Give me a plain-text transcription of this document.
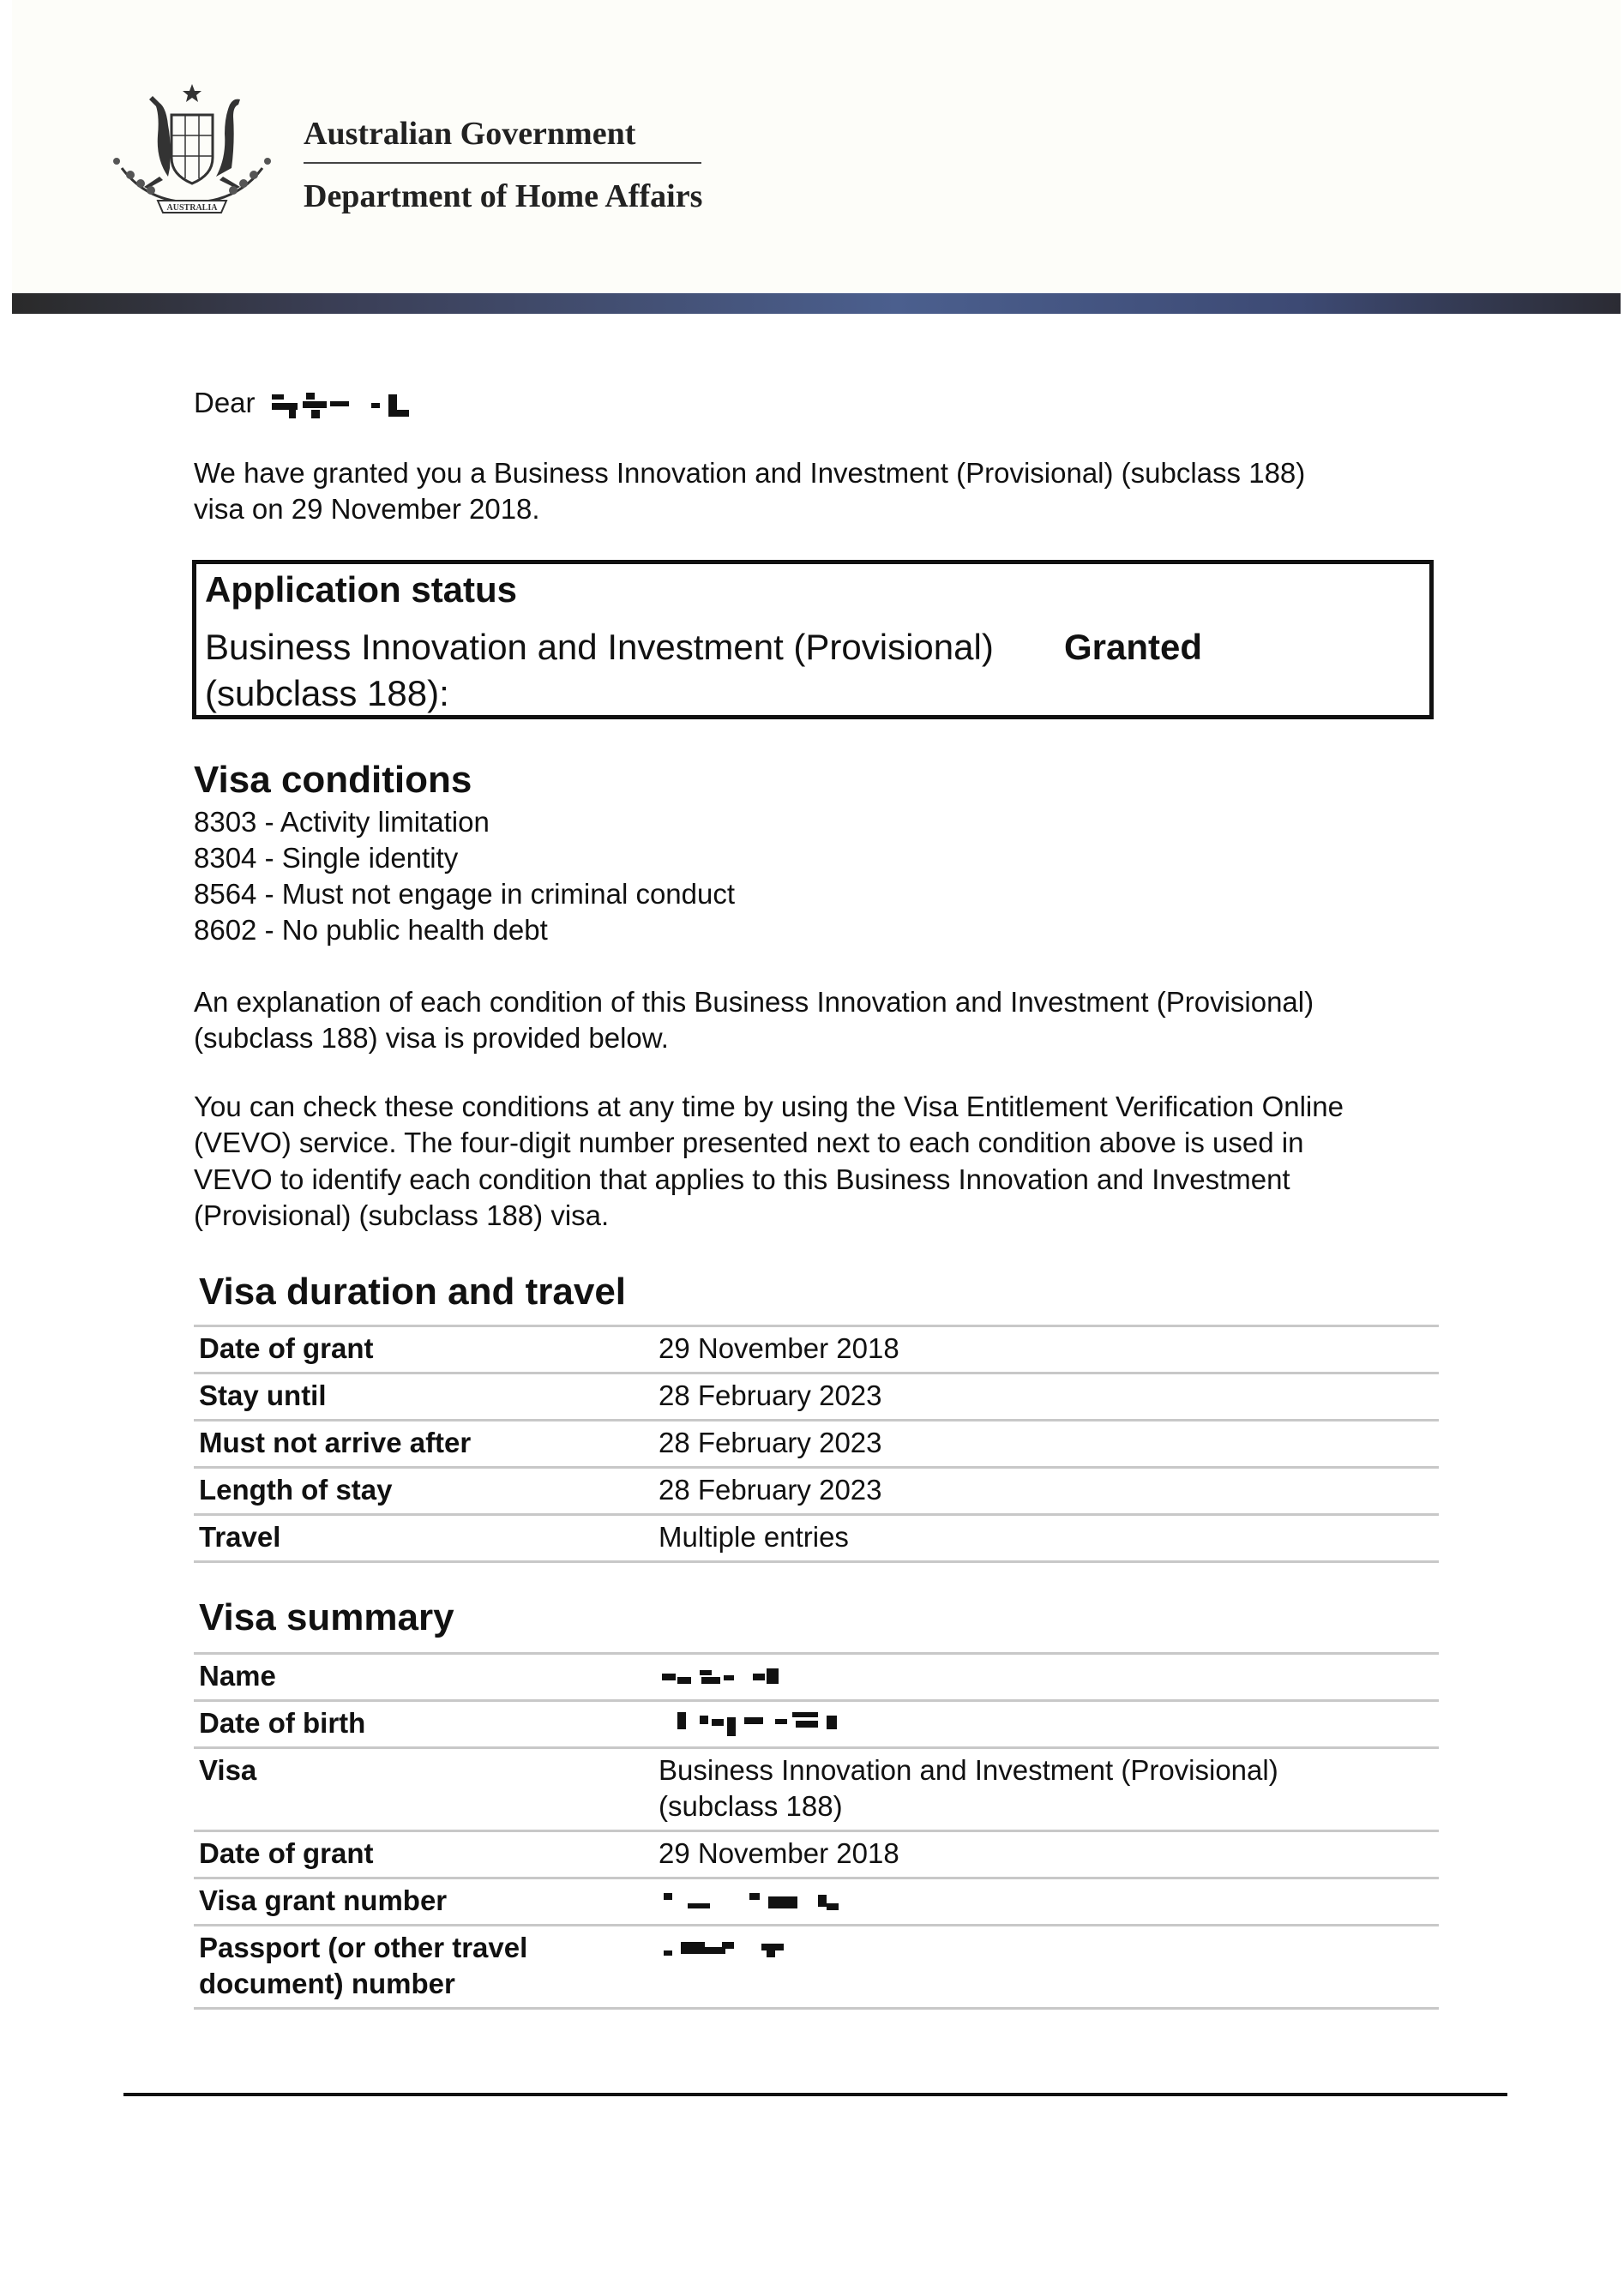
AUSTRALIA
Australian Government
Department of Home Affairs
Dear
We have granted you a Business Innovation and Investment (Provisional) (subclass 188)
visa on 29 November 2018.
Application status
Business Innovation and Investment (Provisional)
(subclass 188):
Granted
Visa conditions
8303 - Activity limitation
8304 - Single identity
8564 - Must not engage in criminal conduct
8602 - No public health debt
An explanation of each condition of this Business Innovation and Investment (Provisional)
(subclass 188) visa is provided below.
You can check these conditions at any time by using the Visa Entitlement Verification Online
(VEVO) service. The four-digit number presented next to each condition above is used in
VEVO to identify each condition that applies to this Business Innovation and Investment
(Provisional) (subclass 188) visa.
Visa duration and travel
Date of grant	29 November 2018
Stay until	28 February 2023
Must not arrive after	28 February 2023
Length of stay	28 February 2023
Travel	Multiple entries
Visa summary
Name
Date of birth
Visa	Business Innovation and Investment (Provisional)
(subclass 188)
Date of grant	29 November 2018
Visa grant number
Passport (or other travel
document) number
